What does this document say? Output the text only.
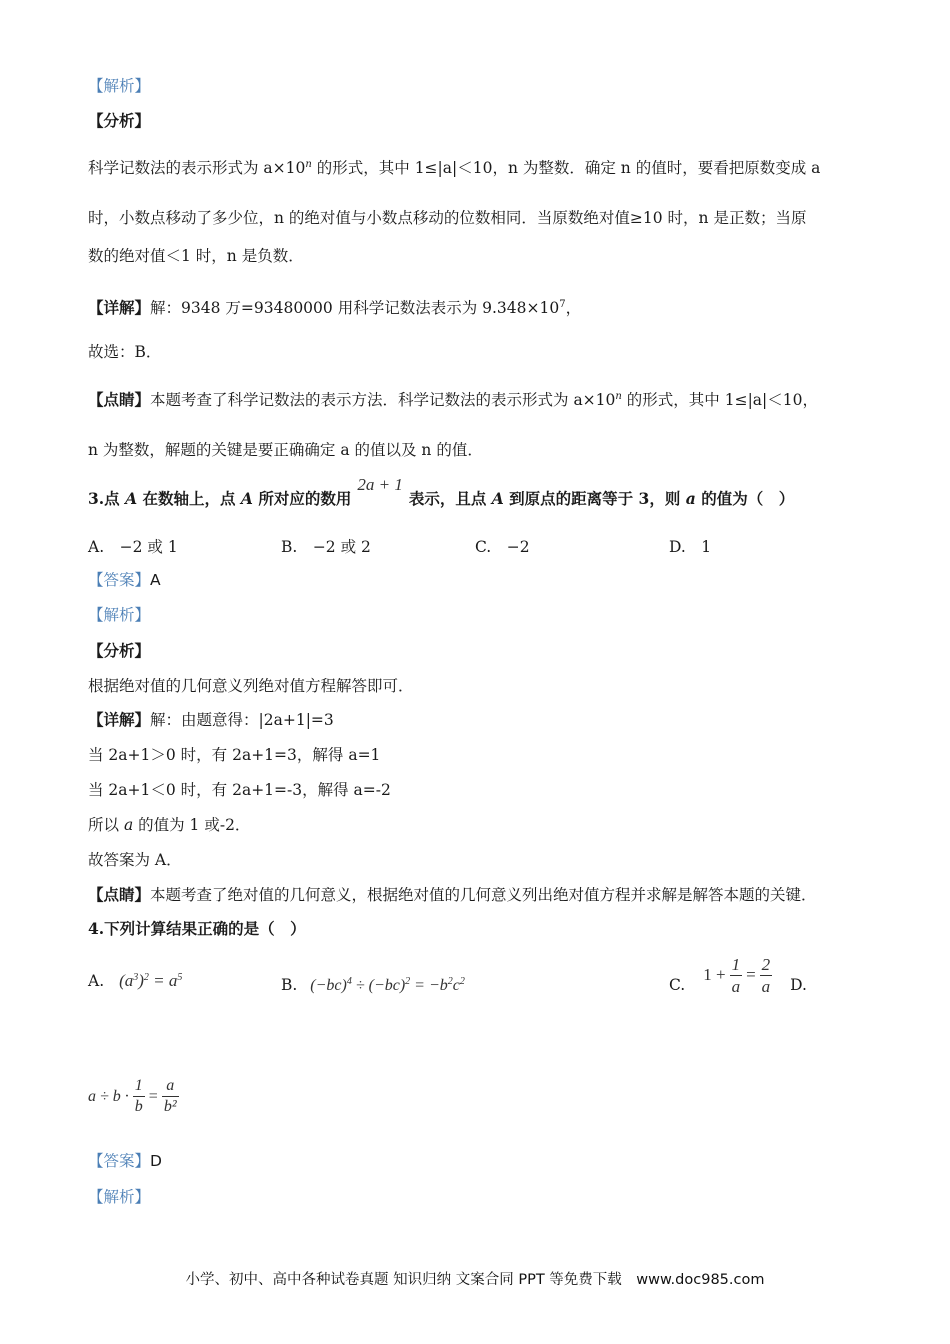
【解析】
【分析】
科学记数法的表示形式为 $a\times 10^n$ 的形式，其中 1≤|a|＜10，n 为整数．确定 n 的值时，要看把原数变成 a
时，小数点移动了多少位，n 的绝对值与小数点移动的位数相同．当原数绝对值≥10 时，n 是正数；当原
数的绝对值＜1 时，n 是负数．
【详解】解：9348 万=93480000 用科学记数法表示为 $9.348\times 10^7$，
故选：B．
【点睛】本题考查了科学记数法的表示方法．科学记数法的表示形式为 $a\times 10^n$ 的形式，其中 1≤|a|＜10，
n 为整数，解题的关键是要正确确定 a 的值以及 n 的值．
3.点 A 在数轴上，点 A 所对应的数用2a + 1表示，且点 A 到原点的距离等于 3，则 a 的值为（　）
A.　−2 或 1	B.　−2 或 2	C.　−2	D.　1
【答案】A
【解析】
【分析】
根据绝对值的几何意义列绝对值方程解答即可．
【详解】解：由题意得：|2a+1|=3
当 2a+1＞0 时，有 2a+1=3，解得 a=1
当 2a+1＜0 时，有 2a+1=-3，解得 a=-2
所以 a 的值为 1 或-2．
故答案为 A．
【点睛】本题考查了绝对值的几何意义，根据绝对值的几何意义列出绝对值方程并求解是解答本题的关键．
4.下列计算结果正确的是（　）
A. $(a^3)^2 = a^5$	B. $(-bc)^4 \div (-bc)^2 = -b^2c^2$	C.
$1 + \frac{1}{a} = \frac{2}{a} D$.
$a \div b \cdot \frac{1}{b} = \frac{a}{\text{b²}}$
【答案】D
【解析】
小学、初中、高中各种试卷真题 知识归纳 文案合同 PPT 等免费下载　www.doc985.com
